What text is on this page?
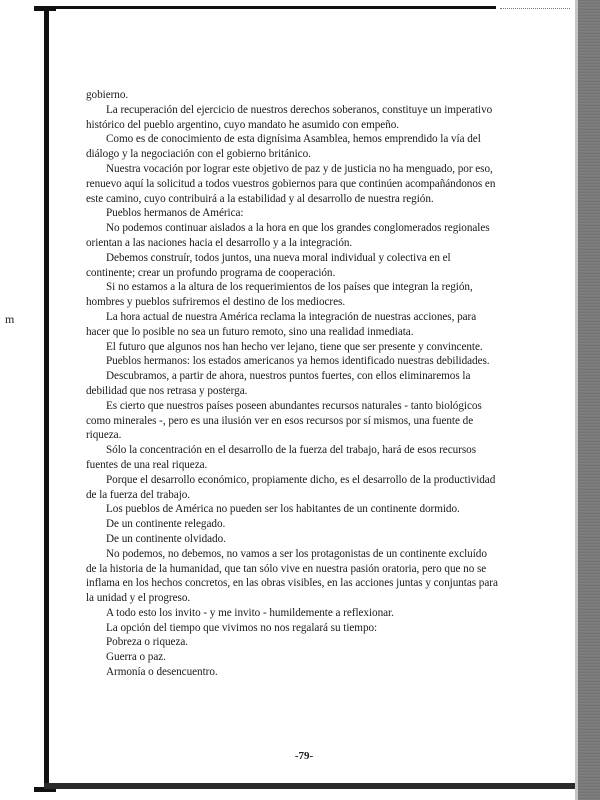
m

gobierno.

La recuperación del ejercicio de nuestros derechos soberanos, constituye un imperativo histórico del pueblo argentino, cuyo mandato he asumido con empeño.

Como es de conocimiento de esta dignísima Asamblea, hemos emprendido la vía del diálogo y la negociación con el gobierno británico.

Nuestra vocación por lograr este objetivo de paz y de justicia no ha menguado, por eso, renuevo aquí la solicitud a todos vuestros gobiernos para que continúen acompañándonos en este camino, cuyo contribuirá a la estabilidad y al desarrollo de nuestra región.

Pueblos hermanos de América:

No podemos continuar aislados a la hora en que los grandes conglomerados regionales orientan a las naciones hacia el desarrollo y a la integración.

Debemos construír, todos juntos, una nueva moral individual y colectiva en el continente; crear un profundo programa de cooperación.

Si no estamos a la altura de los requerimientos de los países que integran la región, hombres y pueblos sufriremos el destino de los mediocres.

La hora actual de nuestra América reclama la integración de nuestras acciones, para hacer que lo posible no sea un futuro remoto, sino una realidad inmediata.

El futuro que algunos nos han hecho ver lejano, tiene que ser presente y convincente.

Pueblos hermanos: los estados americanos ya hemos identificado nuestras debilidades.

Descubramos, a partir de ahora, nuestros puntos fuertes, con ellos eliminaremos la debilidad que nos retrasa y posterga.

Es cierto que nuestros países poseen abundantes recursos naturales - tanto biológicos como minerales -, pero es una ilusión ver en esos recursos por sí mismos, una fuente de riqueza.

Sólo la concentración en el desarrollo de la fuerza del trabajo, hará de esos recursos fuentes de una real riqueza.

Porque el desarrollo económico, propiamente dicho, es el desarrollo de la productividad de la fuerza del trabajo.

Los pueblos de América no pueden ser los habitantes de un continente dormido.

De un continente relegado.

De un continente olvidado.

No podemos, no debemos, no vamos a ser los protagonistas de un continente excluído de la historia de la humanidad, que tan sólo vive en nuestra pasión oratoria, pero que no se inflama en los hechos concretos, en las obras visibles, en las acciones juntas y conjuntas para la unidad y el progreso.

A todo esto los invito - y me invito - humildemente a reflexionar.

La opción del tiempo que vivimos no nos regalará su tiempo:

Pobreza o riqueza.

Guerra o paz.

Armonía o desencuentro.

-79-
